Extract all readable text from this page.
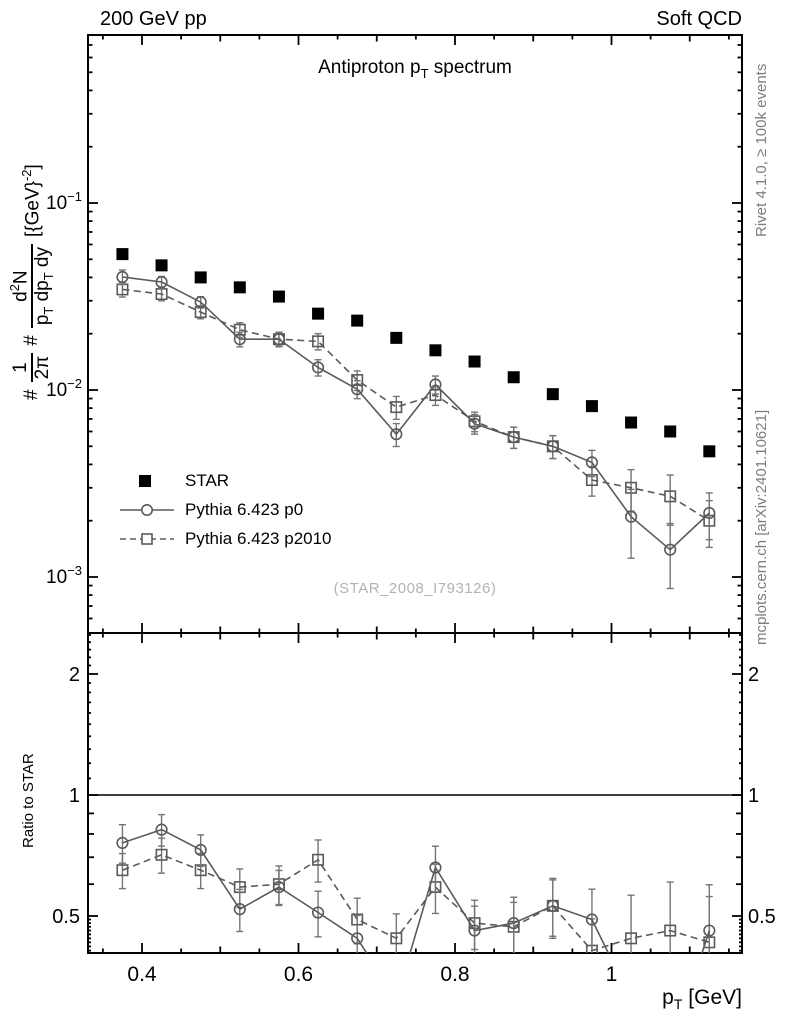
0.4	0.6	0.8	1
$10^{-1}$
$10^{-2}$
$10^{-3}$
0.5	0.5
1	1
2	2
200 GeV pp	Soft QCD
Antiproton $p_T$ spectrum
#
1 2π
#
$d^2N$
$p_T$ $dp_T$ dy
[{GeV}$^{-2}$]	Rivet 4.1.0, ≥ 100k events
mcplots.cern.ch [arXiv:2401.10621]
(STAR_2008_I793126)
STAR
Pythia 6.423 p0
Pythia 6.423 p2010
Ratio to STAR
$p_T$ [GeV]
